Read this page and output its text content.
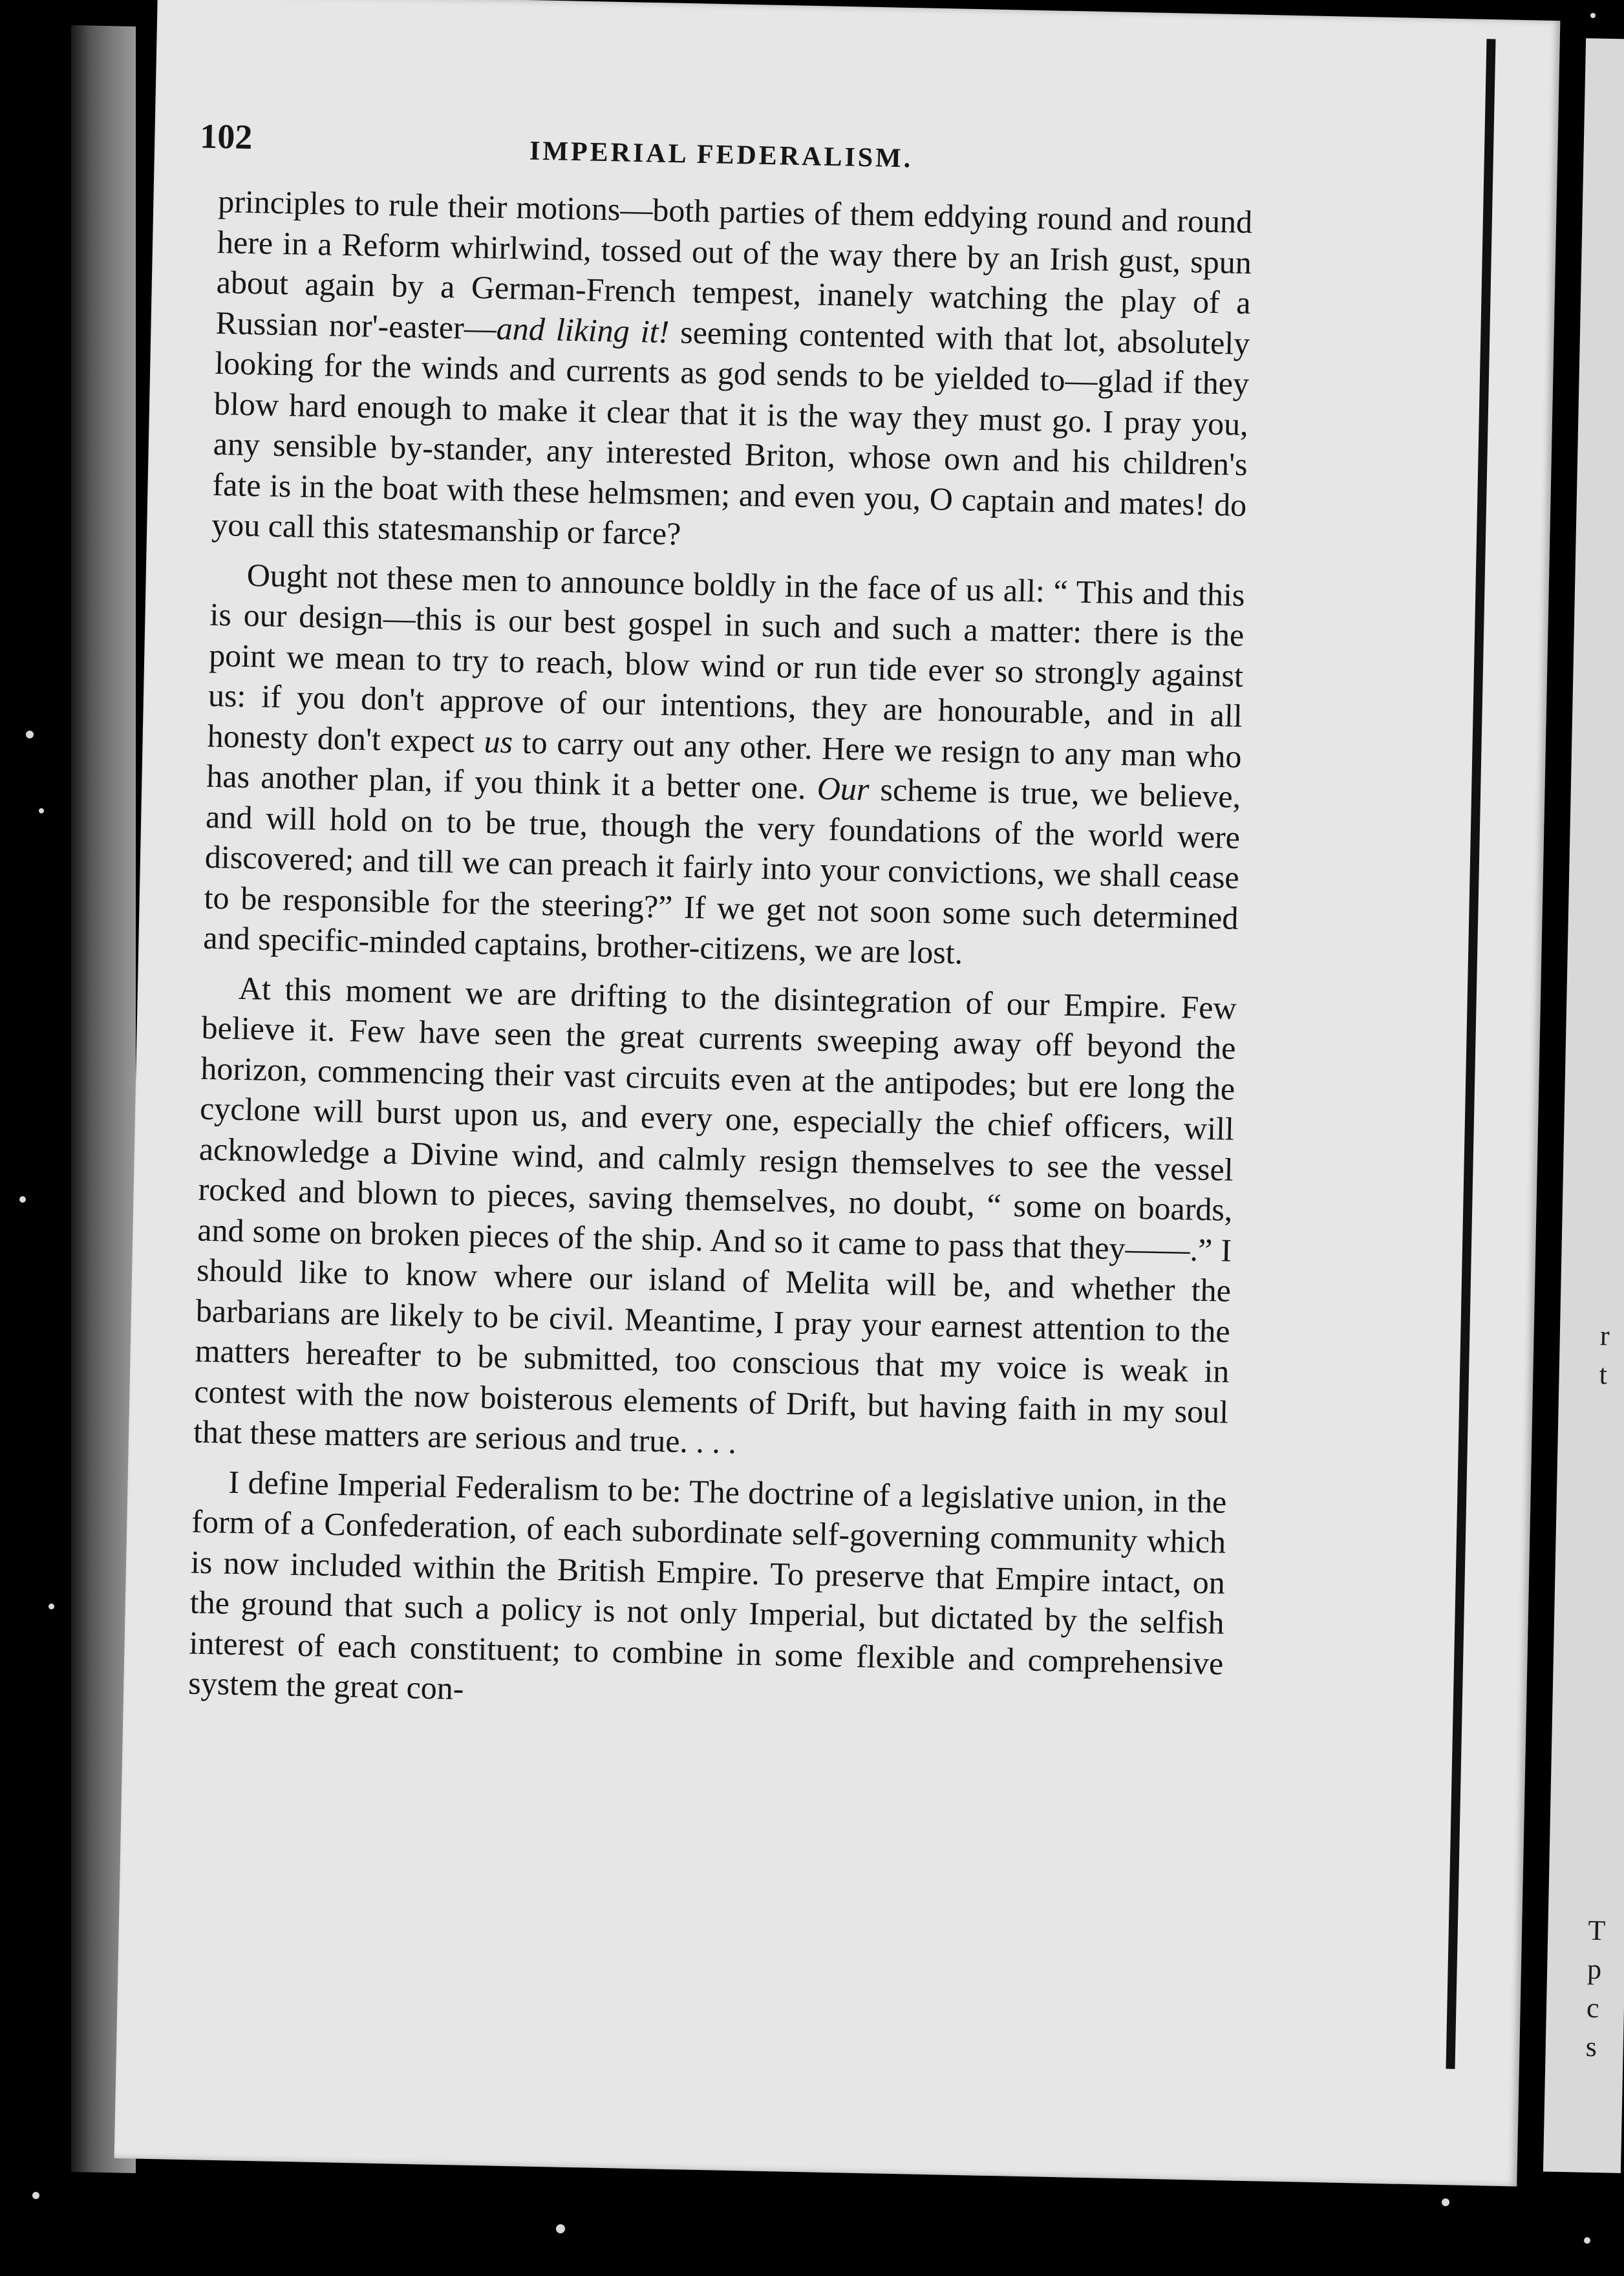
r
t
T
p
c
s
102	IMPERIAL FEDERALISM.

principles to rule their motions—both parties of them eddying round and round here in a Reform whirlwind, tossed out of the way there by an Irish gust, spun about again by a German-French tempest, inanely watching the play of a Russian nor'-easter—and liking it! seeming contented with that lot, absolutely looking for the winds and currents as god sends to be yielded to—glad if they blow hard enough to make it clear that it is the way they must go. I pray you, any sensible by-stander, any interested Briton, whose own and his children's fate is in the boat with these helmsmen; and even you, O captain and mates! do you call this statesmanship or farce?

Ought not these men to announce boldly in the face of us all: “ This and this is our design—this is our best gospel in such and such a matter: there is the point we mean to try to reach, blow wind or run tide ever so strongly against us: if you don't approve of our intentions, they are honourable, and in all honesty don't expect us to carry out any other. Here we resign to any man who has another plan, if you think it a better one. Our scheme is true, we believe, and will hold on to be true, though the very foundations of the world were discovered; and till we can preach it fairly into your convictions, we shall cease to be responsible for the steering?” If we get not soon some such determined and specific-minded captains, brother-citizens, we are lost.

At this moment we are drifting to the disintegration of our Empire. Few believe it. Few have seen the great currents sweeping away off beyond the horizon, commencing their vast circuits even at the antipodes; but ere long the cyclone will burst upon us, and every one, especially the chief officers, will acknowledge a Divine wind, and calmly resign themselves to see the vessel rocked and blown to pieces, saving themselves, no doubt, “ some on boards, and some on broken pieces of the ship. And so it came to pass that they——.” I should like to know where our island of Melita will be, and whether the barbarians are likely to be civil. Meantime, I pray your earnest attention to the matters hereafter to be submitted, too conscious that my voice is weak in contest with the now boisterous elements of Drift, but having faith in my soul that these matters are serious and true. . . .

I define Imperial Federalism to be: The doctrine of a legislative union, in the form of a Confederation, of each subordinate self-governing community which is now included within the British Empire. To preserve that Empire intact, on the ground that such a policy is not only Imperial, but dictated by the selfish interest of each constituent; to combine in some flexible and comprehensive system the great con-
